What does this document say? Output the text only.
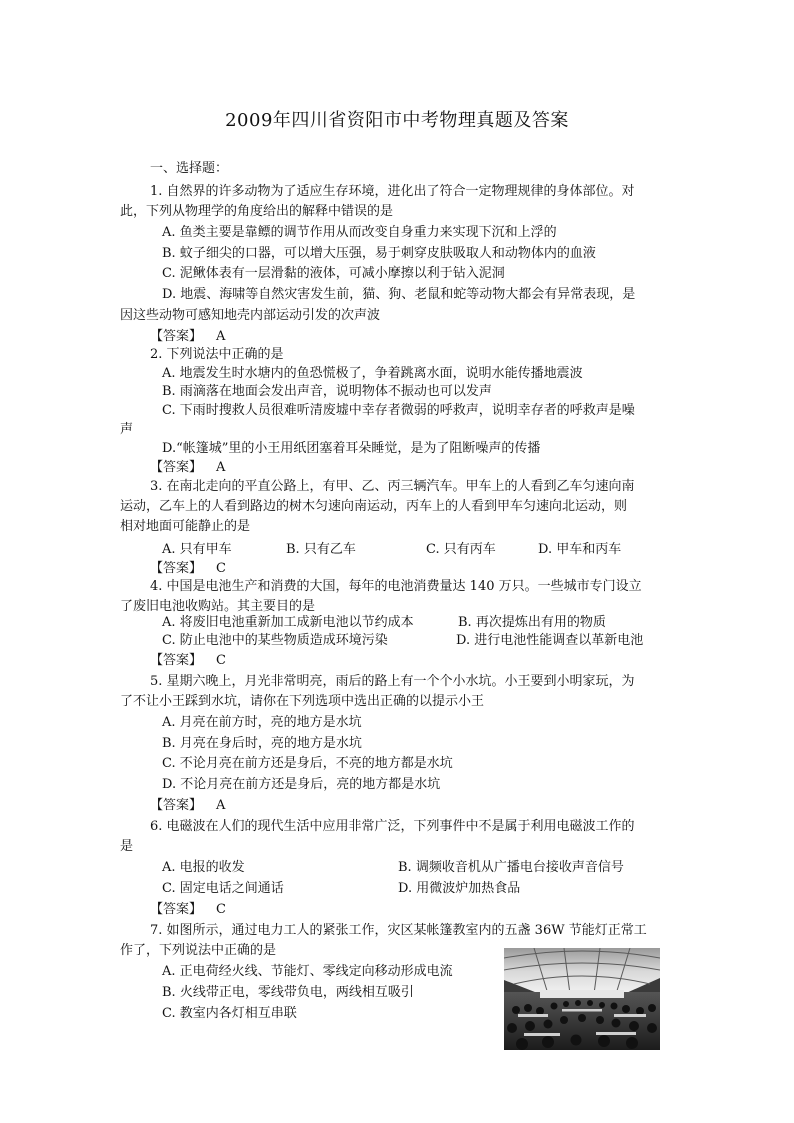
2009年四川省资阳市中考物理真题及答案
一、选择题：
1. 自然界的许多动物为了适应生存环境，进化出了符合一定物理规律的身体部位。对
此，下列从物理学的角度给出的解释中错误的是
A. 鱼类主要是靠鳔的调节作用从而改变自身重力来实现下沉和上浮的
B. 蚊子细尖的口器，可以增大压强，易于刺穿皮肤吸取人和动物体内的血液
C. 泥鳅体表有一层滑黏的液体，可减小摩擦以利于钻入泥洞
D. 地震、海啸等自然灾害发生前，猫、狗、老鼠和蛇等动物大都会有异常表现，是
因这些动物可感知地壳内部运动引发的次声波
【答案】 A
2. 下列说法中正确的是
A. 地震发生时水塘内的鱼恐慌极了，争着跳离水面，说明水能传播地震波
B. 雨滴落在地面会发出声音，说明物体不振动也可以发声
C. 下雨时搜救人员很难听清废墟中幸存者微弱的呼救声，说明幸存者的呼救声是噪
声
D.“帐篷城”里的小王用纸团塞着耳朵睡觉，是为了阻断噪声的传播
【答案】 A
3. 在南北走向的平直公路上，有甲、乙、丙三辆汽车。甲车上的人看到乙车匀速向南
运动，乙车上的人看到路边的树木匀速向南运动，丙车上的人看到甲车匀速向北运动，则
相对地面可能静止的是
A. 只有甲车	B. 只有乙车	C. 只有丙车	D. 甲车和丙车
【答案】 C
4. 中国是电池生产和消费的大国，每年的电池消费量达 140 万只。一些城市专门设立
了废旧电池收购站。其主要目的是
A. 将废旧电池重新加工成新电池以节约成本	B. 再次提炼出有用的物质
C. 防止电池中的某些物质造成环境污染	D. 进行电池性能调查以革新电池
【答案】 C
5. 星期六晚上，月光非常明亮，雨后的路上有一个个小水坑。小王要到小明家玩，为
了不让小王踩到水坑，请你在下列选项中选出正确的以提示小王
A. 月亮在前方时，亮的地方是水坑
B. 月亮在身后时，亮的地方是水坑
C. 不论月亮在前方还是身后，不亮的地方都是水坑
D. 不论月亮在前方还是身后，亮的地方都是水坑
【答案】 A
6. 电磁波在人们的现代生活中应用非常广泛，下列事件中不是属于利用电磁波工作的
是
A. 电报的收发	B. 调频收音机从广播电台接收声音信号
C. 固定电话之间通话	D. 用微波炉加热食品
【答案】 C
7. 如图所示，通过电力工人的紧张工作，灾区某帐篷教室内的五盏 36W 节能灯正常工
作了，下列说法中正确的是
A. 正电荷经火线、节能灯、零线定向移动形成电流
B. 火线带正电，零线带负电，两线相互吸引
C. 教室内各灯相互串联
